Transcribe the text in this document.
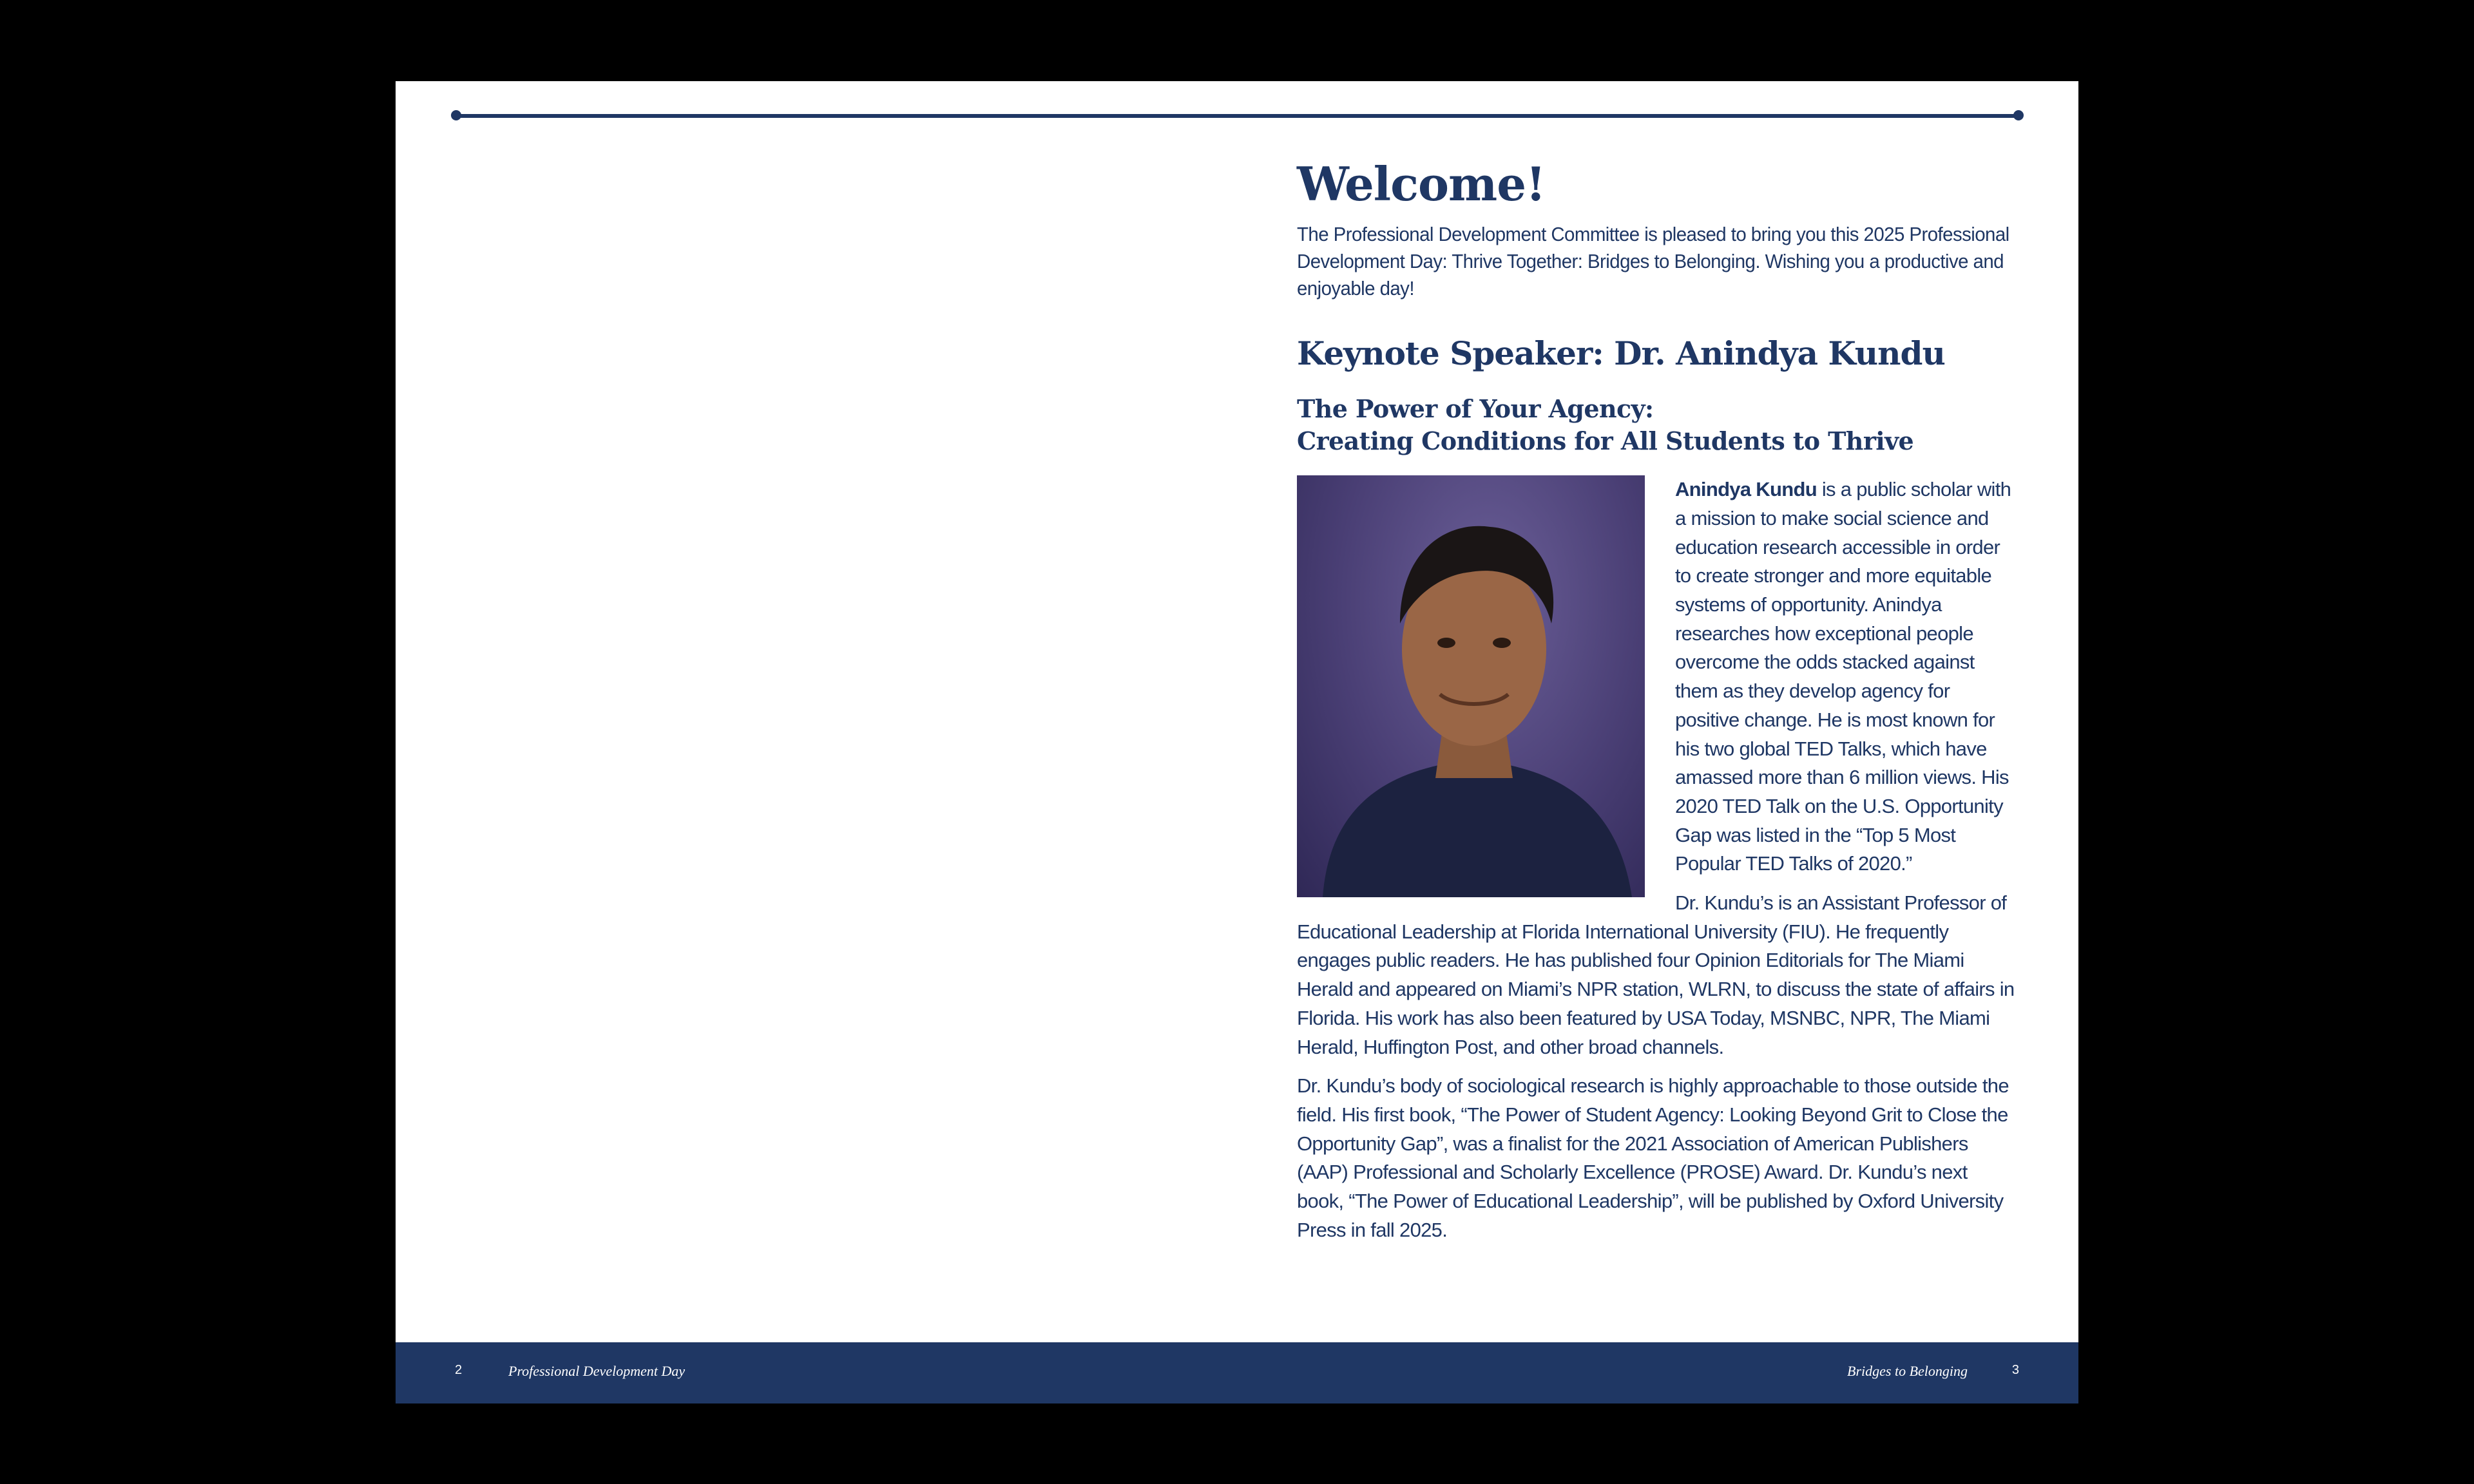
Welcome!

The Professional Development Committee is pleased to bring you this 2025 Professional Development Day: Thrive Together: Bridges to Belonging. Wishing you a productive and enjoyable day!

Keynote Speaker: Dr. Anindya Kundu
The Power of Your Agency:
Creating Conditions for All Students to Thrive

Anindya Kundu is a public scholar with a mission to make social science and education research accessible in order to create stronger and more equitable systems of opportunity. Anindya researches how exceptional people overcome the odds stacked against them as they develop agency for positive change. He is most known for his two global TED Talks, which have amassed more than 6 million views. His 2020 TED Talk on the U.S. Opportunity Gap was listed in the “Top 5 Most Popular TED Talks of 2020.”

Dr. Kundu’s is an Assistant Professor of Educational Leadership at Florida International University (FIU). He frequently engages public readers. He has published four Opinion Editorials for The Miami Herald and appeared on Miami’s NPR station, WLRN, to discuss the state of affairs in Florida. His work has also been featured by USA Today, MSNBC, NPR, The Miami Herald, Huffington Post, and other broad channels.

Dr. Kundu’s body of sociological research is highly approachable to those outside the field. His first book, “The Power of Student Agency: Looking Beyond Grit to Close the Opportunity Gap”, was a finalist for the 2021 Association of American Publishers (AAP) Professional and Scholarly Excellence (PROSE) Award. Dr. Kundu’s next book, “The Power of Educational Leadership”, will be published by Oxford University Press in fall 2025.

2	Professional Development Day	Bridges to Belonging	3
